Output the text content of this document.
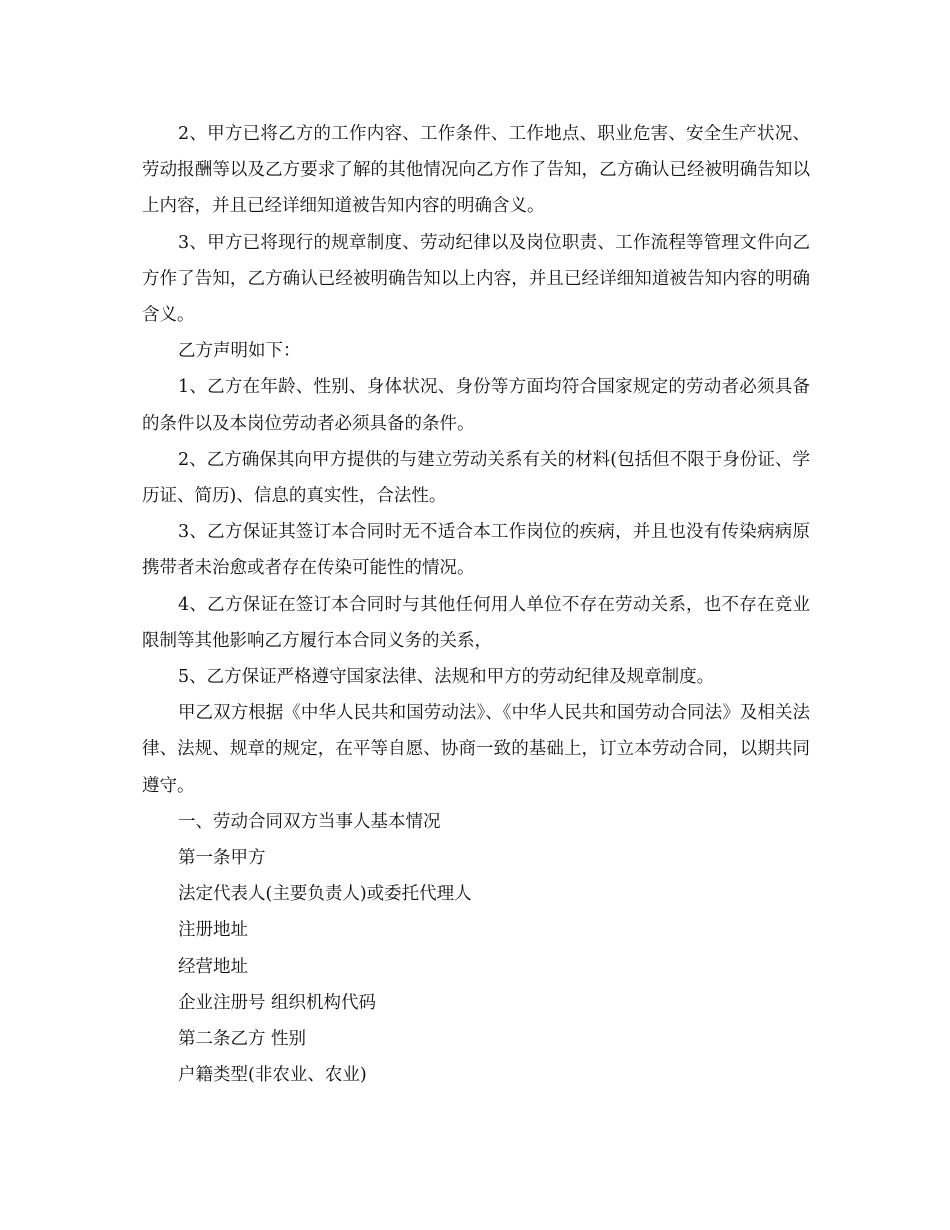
2、甲方已将乙方的工作内容、工作条件、工作地点、职业危害、安全生产状况、劳动报酬等以及乙方要求了解的其他情况向乙方作了告知，乙方确认已经被明确告知以上内容，并且已经详细知道被告知内容的明确含义。

3、甲方已将现行的规章制度、劳动纪律以及岗位职责、工作流程等管理文件向乙方作了告知，乙方确认已经被明确告知以上内容，并且已经详细知道被告知内容的明确含义。

乙方声明如下：

1、乙方在年龄、性别、身体状况、身份等方面均符合国家规定的劳动者必须具备的条件以及本岗位劳动者必须具备的条件。

2、乙方确保其向甲方提供的与建立劳动关系有关的材料(包括但不限于身份证、学历证、简历)、信息的真实性，合法性。

3、乙方保证其签订本合同时无不适合本工作岗位的疾病，并且也没有传染病病原携带者未治愈或者存在传染可能性的情况。

4、乙方保证在签订本合同时与其他任何用人单位不存在劳动关系，也不存在竞业限制等其他影响乙方履行本合同义务的关系，

5、乙方保证严格遵守国家法律、法规和甲方的劳动纪律及规章制度。

甲乙双方根据《中华人民共和国劳动法》、《中华人民共和国劳动合同法》及相关法律、法规、规章的规定，在平等自愿、协商一致的基础上，订立本劳动合同，以期共同遵守。

一、劳动合同双方当事人基本情况

第一条甲方

法定代表人(主要负责人)或委托代理人

注册地址

经营地址

企业注册号 组织机构代码

第二条乙方 性别

户籍类型(非农业、农业)
